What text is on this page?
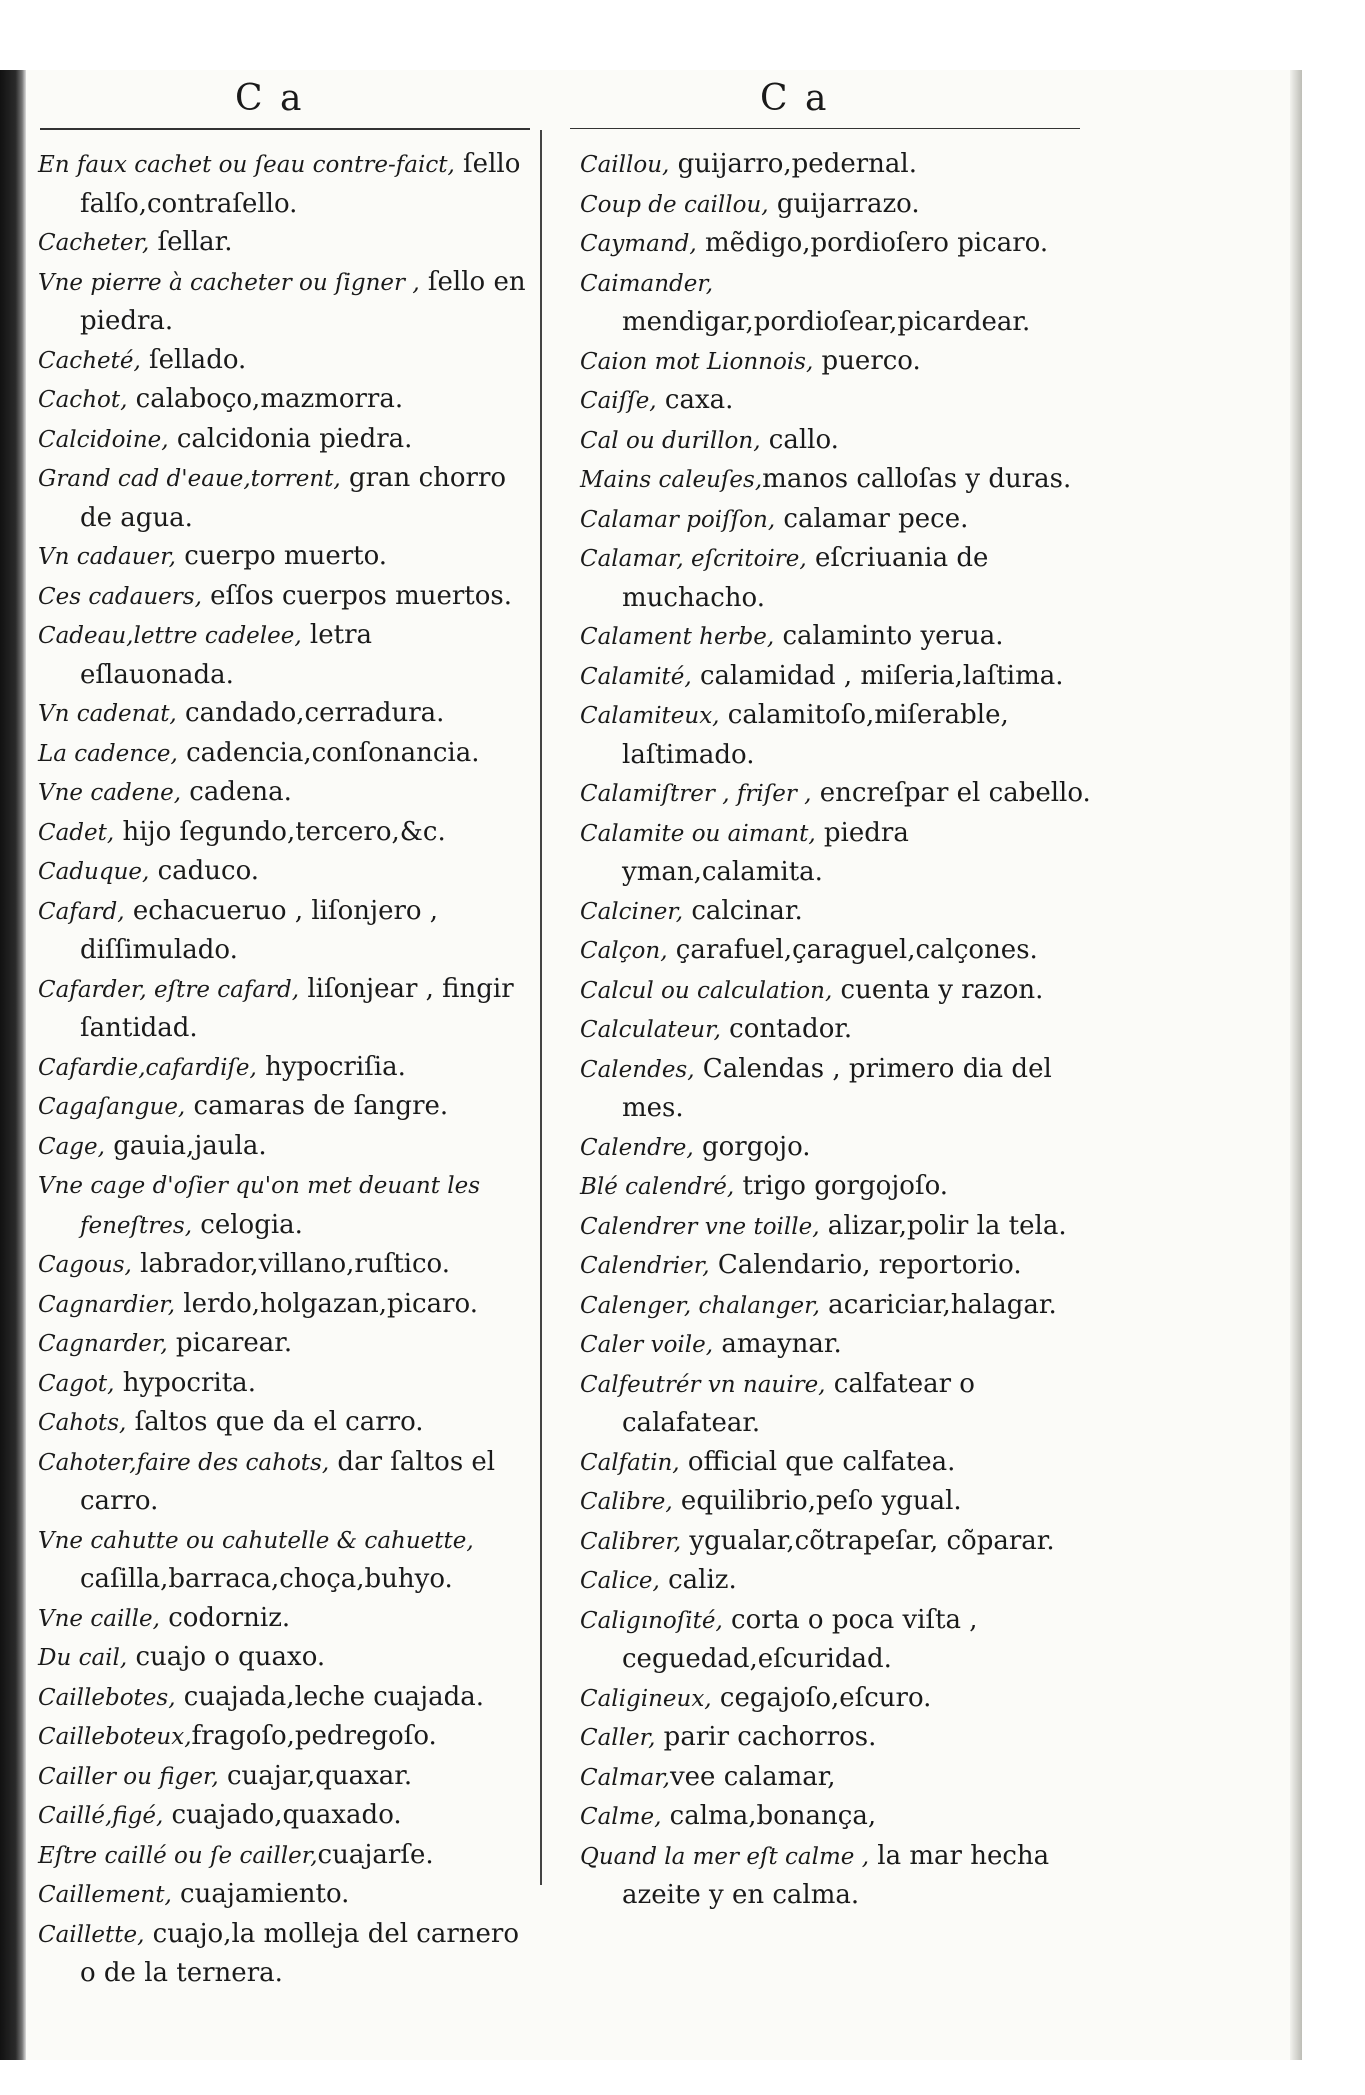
C a	C a
En faux cachet ou ſeau contre-faict, ſello falſo,contraſello.
Cacheter, ſellar.
Vne pierre à cacheter ou ſigner , ſello en piedra.
Cacheté, ſellado.
Cachot, calaboço,mazmorra.
Calcidoine, calcidonia piedra.
Grand cad d'eaue,torrent, gran chorro de agua.
Vn cadauer, cuerpo muerto.
Ces cadauers, eſſos cuerpos muertos.
Cadeau,lettre cadelee, letra eſlauonada.
Vn cadenat, candado,cerradura.
La cadence, cadencia,conſonancia.
Vne cadene, cadena.
Cadet, hijo ſegundo,tercero,&c.
Caduque, caduco.
Cafard, echacueruo , liſonjero , diſſimulado.
Cafarder, eſtre cafard, liſonjear , fingir ſantidad.
Cafardie,cafardiſe, hypocriſia.
Cagaſangue, camaras de ſangre.
Cage, gauia,jaula.
Vne cage d'oſier qu'on met deuant les feneſtres, celogia.
Cagous, labrador,villano,ruſtico.
Cagnardier, lerdo,holgazan,picaro.
Cagnarder, picarear.
Cagot, hypocrita.
Cahots, ſaltos que da el carro.
Cahoter,faire des cahots, dar ſaltos el carro.
Vne cahutte ou cahutelle & cahuette, caſilla,barraca,choça,buhyo.
Vne caille, codorniz.
Du cail, cuajo o quaxo.
Caillebotes, cuajada,leche cuajada.
Cailleboteux,fragoſo,pedregoſo.
Cailler ou figer, cuajar,quaxar.
Caillé,figé, cuajado,quaxado.
Eſtre caillé ou ſe cailler,cuajarſe.
Caillement, cuajamiento.
Caillette, cuajo,la molleja del carnero o de la ternera.
Caillou, guijarro,pedernal.
Coup de caillou, guijarrazo.
Caymand, mẽdigo,pordioſero picaro.
Caimander, mendigar,pordioſear,picardear.
Caion mot Lionnois, puerco.
Caiſſe, caxa.
Cal ou durillon, callo.
Mains caleuſes,manos calloſas y duras.
Calamar poiſſon, calamar pece.
Calamar, eſcritoire, eſcriuania de muchacho.
Calament herbe, calaminto yerua.
Calamité, calamidad , miſeria,laſtima.
Calamiteux, calamitoſo,miſerable, laſtimado.
Calamiſtrer , friſer , encreſpar el cabello.
Calamite ou aimant, piedra yman,calamita.
Calciner, calcinar.
Calçon, çarafuel,çaraguel,calçones.
Calcul ou calculation, cuenta y razon.
Calculateur, contador.
Calendes, Calendas , primero dia del mes.
Calendre, gorgojo.
Blé calendré, trigo gorgojoſo.
Calendrer vne toille, alizar,polir la tela.
Calendrier, Calendario, reportorio.
Calenger, chalanger, acariciar,halagar.
Caler voile, amaynar.
Calfeutrér vn nauire, calfatear o calafatear.
Calfatin, official que calfatea.
Calibre, equilibrio,peſo ygual.
Calibrer, ygualar,cõtrapeſar, cõparar.
Calice, caliz.
Caligınoſité, corta o poca viſta , ceguedad,eſcuridad.
Caligineux, cegajoſo,eſcuro.
Caller, parir cachorros.
Calmar,vee calamar,
Calme, calma,bonança,
Quand la mer eſt calme , la mar hecha azeite y en calma.
